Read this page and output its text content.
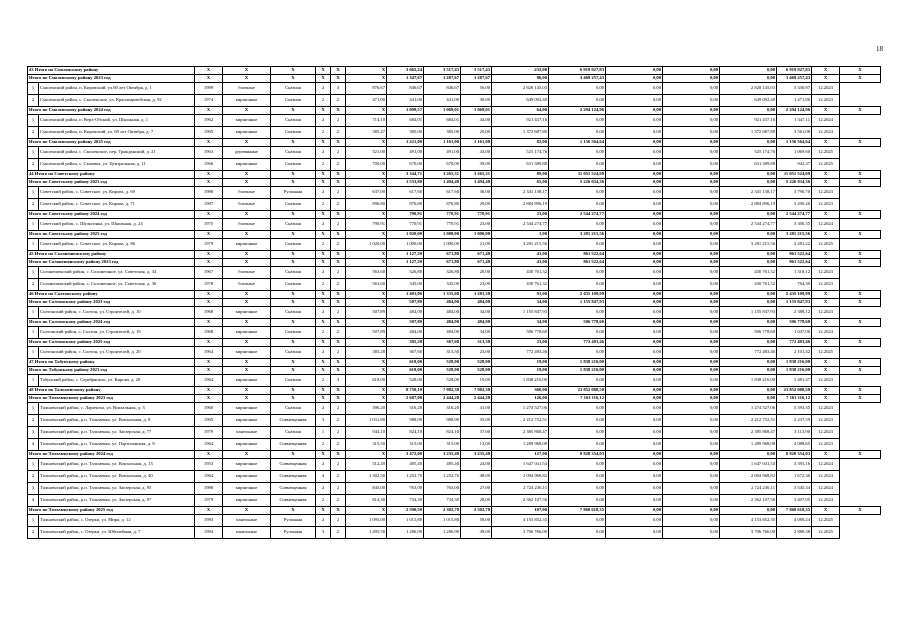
18
43 Итого по Смоленскому району		X	X	X	X	X	X	3 665,24	3 517,43	3 517,43	232,00	6 919 927,83	0,00	0,00	0,00	6 919 927,83	X	X
Итого по Смоленскому району 2023 год		X	X	X	X	X	X	1 347,67	1 287,67	1 287,67	86,00	3 469 257,43	0,00	0,00	0,00	3 469 257,43	X	X
1	Смоленский район, п. Кировский, ул.60 лет Октября, д. 1	1989	блочные	Скатная	2	3	876,67	846,67	846,67	56,00	2 820 145,03	0,00	0,00	0,00	2 820 145,03	3 330,87	12.2023	
2	Смоленский район, с. Смоленское, ул. Красноармейская, д. 92	1974	кирпичные	Скатная	2	2	471,00	441,00	441,00	30,00	649 092,40	0,00	0,00	0,00	649 092,40	1 471,86	12.2023	
Итого по Смоленскому району 2024 год		X	X	X	X	X	X	1 099,57	1 069,01	1 069,01	64,00	2 294 124,96	0,00	0,00	0,00	2 294 124,96	X	X
1	Смоленский район, п. Верх-Обский, ул. Школьная, д. 1	1962	кирпичные	Скатная	2	2	714,10	684,01	684,01	44,00	921 437,16	0,00	0,00	0,00	921 437,16	1 347,11	12.2024	
2	Смоленский район, п. Кировский, ул. 60 лет Октября, д. 7	1965	кирпичные	Скатная	2	2	385,47	385,00	385,00	20,00	1 372 687,80	0,00	0,00	0,00	1 372 687,80	3 561,08	12.2024	
Итого по Смоленскому району 2025 год		X	X	X	X	X	X	1 221,00	1 161,00	1 161,00	82,00	1 156 564,64	0,00	0,00	0,00	1 156 564,64	X	X
1	Смоленский район, с. Смоленское, пер. Гражданский, д. 21	1963	деревянные	Скатная	2	2	521,00	491,00	491,00	43,00	525 174,76	0,00	0,00	0,00	525 174,76	1 069,60	12.2025	
2	Смоленский район, с. Сычевка, ул. Центральная, д. 11	1966	кирпичные	Скатная	2	2	700,00	670,00	670,00	39,00	631 389,88	0,00	0,00	0,00	631 389,88	942,37	12.2025	
44 Итого по Советскому району		X	X	X	X	X	X	3 344,71	3 265,31	3 265,31	89,00	11 051 524,69	0,00	0,00	0,00	11 051 524,69	X	X
Итого по Советскому району 2023 год		X	X	X	X	X	X	1 533,80	1 494,40	1 494,40	65,00	5 226 034,36	0,00	0,00	0,00	5 226 034,36	X	X
1	Советский район, с. Советское, ул. Кирова, д. 69	1980	блочные	Рулонная	2	2	637,00	617,60	617,60	36,00	2 341 138,17	0,00	0,00	0,00	2 341 138,17	3 790,70	12.2023	
2	Советский район, с. Советское, ул. Кирова, д. 71	1987	блочные	Скатная	2	2	896,80	876,80	876,80	29,00	2 884 896,19	0,00	0,00	0,00	2 884 896,19	3 290,26	12.2023	
Итого по Советскому району 2024 год		X	X	X	X	X	X	790,91	770,91	770,91	23,00	2 544 274,77	0,00	0,00	0,00	2 544 274,77	X	X
1	Советский район, с. Шульгинка, ул. Школьная, д. 24	1975	блочные	Скатная	2	2	790,91	770,91	770,91	23,00	2 544 274,77	0,00	0,00	0,00	2 544 274,77	3 300,35	12.2024	
Итого по Советскому району 2025 год		X	X	X	X	X	X	1 020,00	1 000,00	1 000,00	1,00	3 281 215,56	0,00	0,00	0,00	3 281 215,56	X	X
1	Советский район, с. Советское, ул. Кирова, д. 86	1979	кирпичные	Скатная	2	2	1 020,00	1 000,00	1 000,00	21,00	3 281 215,56	0,00	0,00	0,00	3 281 215,56	3 281,22	12.2025	
45 Итого по Солонешенскому району		X	X	X	X	X	X	1 127,20	671,80	671,40	43,00	861 522,64	0,00	0,00	0,00	861 522,64	X	X
Итого по Солонешенскому району 2023 год		X	X	X	X	X	X	1 127,20	671,80	671,40	43,00	861 522,64	0,00	0,00	0,00	861 522,64	X	X
1	Солонешенский район, с. Солонешное, ул. Советская, д. 34	1967	блочные	Скатная	2	2	563,60	326,80	326,80	20,00	430 761,32	0,00	0,00	0,00	430 761,32	1 318,12	12.2023	
2	Солонешенский район, с. Солонешное, ул. Советская, д. 36	1978	блочные	Скатная	2	2	563,60	345,00	345,00	23,00	430 761,32	0,00	0,00	0,00	430 761,32	764,30	12.2023	
46 Итого по Солтонскому району		X	X	X	X	X	X	1 401,06	1 335,60	1 281,30	91,00	2 435 109,99	0,00	0,00	0,00	2 435 109,99	X	X
Итого по Солтонскому району 2023 год		X	X	X	X	X	X	507,89	484,00	484,00	34,00	1 155 847,93	0,00	0,00	0,00	1 155 847,93	X	X
1	Солтонский район, с. Солтон, ул. Строителей, д. 10	1968	кирпичные	Скатная	2	2	507,89	484,00	484,00	34,00	1 155 847,93	0,00	0,00	0,00	1 155 847,93	2 388,12	12.2023	
Итого по Солтонскому району 2024 год		X	X	X	X	X	X	507,89	484,00	484,00	34,00	506 778,60	0,00	0,00	0,00	506 778,60	X	X
1	Солтонский район, с. Солтон, ул. Строителей, д. 19	1968	кирпичные	Скатная	2	2	507,89	484,00	484,00	34,00	506 778,60	0,00	0,00	0,00	506 778,60	1 047,06	12.2024	
Итого по Солтонскому району 2025 год		X	X	X	X	X	X	385,28	367,60	313,30	23,00	772 483,46	0,00	0,00	0,00	772 483,46	X	X
1	Солтонский район, с. Солтон, ул. Строителей, д. 20	1964	кирпичные	Скатная	2	2	385,28	367,60	313,30	23,00	772 483,46	0,00	0,00	0,00	772 483,46	2 101,42	12.2025	
47 Итого по Табунскому району		X	X	X	X	X	X	618,00	528,00	528,00	19,00	1 838 216,00	0,00	0,00	0,00	1 838 216,00	X	X
Итого по Табунскому району 2023 год		X	X	X	X	X	X	618,00	528,00	528,00	19,00	1 838 216,00	0,00	0,00	0,00	1 838 216,00	X	X
1	Табунский район, с. Серебряполь, ул. Кирова, д. 20	1964	кирпичные	Скатная	2	3	618,00	528,00	528,00	19,00	1 838 216,00	0,00	0,00	0,00	1 838 216,00	3 481,47	12.2023	
48 Итого по Тальменскому району		X	X	X	X	X	X	8 750,10	7 982,30	7 982,30	360,00	23 852 088,50	0,00	0,00	0,00	23 852 088,50	X	X
Итого по Тальменскому району 2023 год		X	X	X	X	X	X	2 687,00	2 444,20	2 444,20	126,00	7 163 116,12	0,00	0,00	0,00	7 163 116,12	X	X
1	Тальменский район, с. Ларичиха, ул. Вокзальная, д. 3	1960	кирпичные	Скатная	2	2	396,20	316,20	316,20	41,00	1 274 527,06	0,00	0,00	0,00	1 274 527,06	5 593,35	12.2023	
2	Тальменский район, р.п. Тальменка, ул. Вокзальная, д. 8	1965	кирпичные	Совмещенная	3	2	1 031,80	988,90	988,90	35,00	2 212 752,51	0,00	0,00	0,00	2 212 752,51	2 237,59	12.2023	
3	Тальменский район, р.п. Тальменка, ул. Заозерская, д. 77	1979	панельные	Скатная	1	2	944,10	824,10	824,10	37,00	2 385 868,47	0,00	0,00	0,00	2 385 868,47	3 113,90	12.2023	
4	Тальменский район, р.п. Тальменка, ул. Партизанская, д. 8	1964	кирпичные	Совмещенная	2	2	315,50	315,00	315,00	13,00	1 289 968,08	0,00	0,00	0,00	1 289 968,08	4 088,65	12.2023	
Итого по Тальменскому району 2024 год		X	X	X	X	X	X	3 472,00	3 235,40	3 235,40	127,00	8 828 354,03	0,00	0,00	0,00	8 828 354,03	X	X
1	Тальменский район, р.п. Тальменка, ул. Вокзальная, д. 13	1953	кирпичные	Совмещенная	2	2	512,20	485,40	485,40	24,00	1 647 041,54	0,00	0,00	0,00	1 647 041,54	3 393,16	12.2024	
2	Тальменский район, р.п. Тальменка, ул. Вокзальная, д. 40	1964	кирпичные	Совмещенная	4	2	1 302,50	1 252,70	1 252,70	48,00	2 094 968,82	0,00	0,00	0,00	2 094 968,82	1 672,36	12.2024	
3	Тальменский район, р.п. Тальменка, ул. Заозерская, д. 95	1980	кирпичные	Совмещенная	2	2	843,00	763,00	763,00	27,00	2 724 236,11	0,00	0,00	0,00	2 724 236,11	3 545,34	12.2024	
4	Тальменский район, р.п. Тальменка, ул. Заозерская, д. 97	1979	кирпичные	Совмещенная	2	2	814,30	734,30	734,30	28,00	2 362 107,56	0,00	0,00	0,00	2 362 107,56	3 407,05	12.2024	
Итого по Тальменскому району 2025 год		X	X	X	X	X	X	2 590,50	2 302,70	2 302,70	107,00	7 860 618,35	0,00	0,00	0,00	7 860 618,35	X	X
1	Тальменский район, с. Озерки, ул. Мира, д. 12	1983	панельные	Рулонная	2	2	1 095,00	1 015,80	1 015,80	58,00	4 153 852,35	0,00	0,00	0,00	4 153 852,35	4 089,24	12.2025	
2	Тальменский район, с. Озерки, ул. Юбилейная, д. 7	1984	панельные	Рулонная	3	2	1 495,50	1 286,90	1 286,90	49,00	3 706 766,00	0,00	0,00	0,00	3 706 766,00	2 880,38	12.2025	
